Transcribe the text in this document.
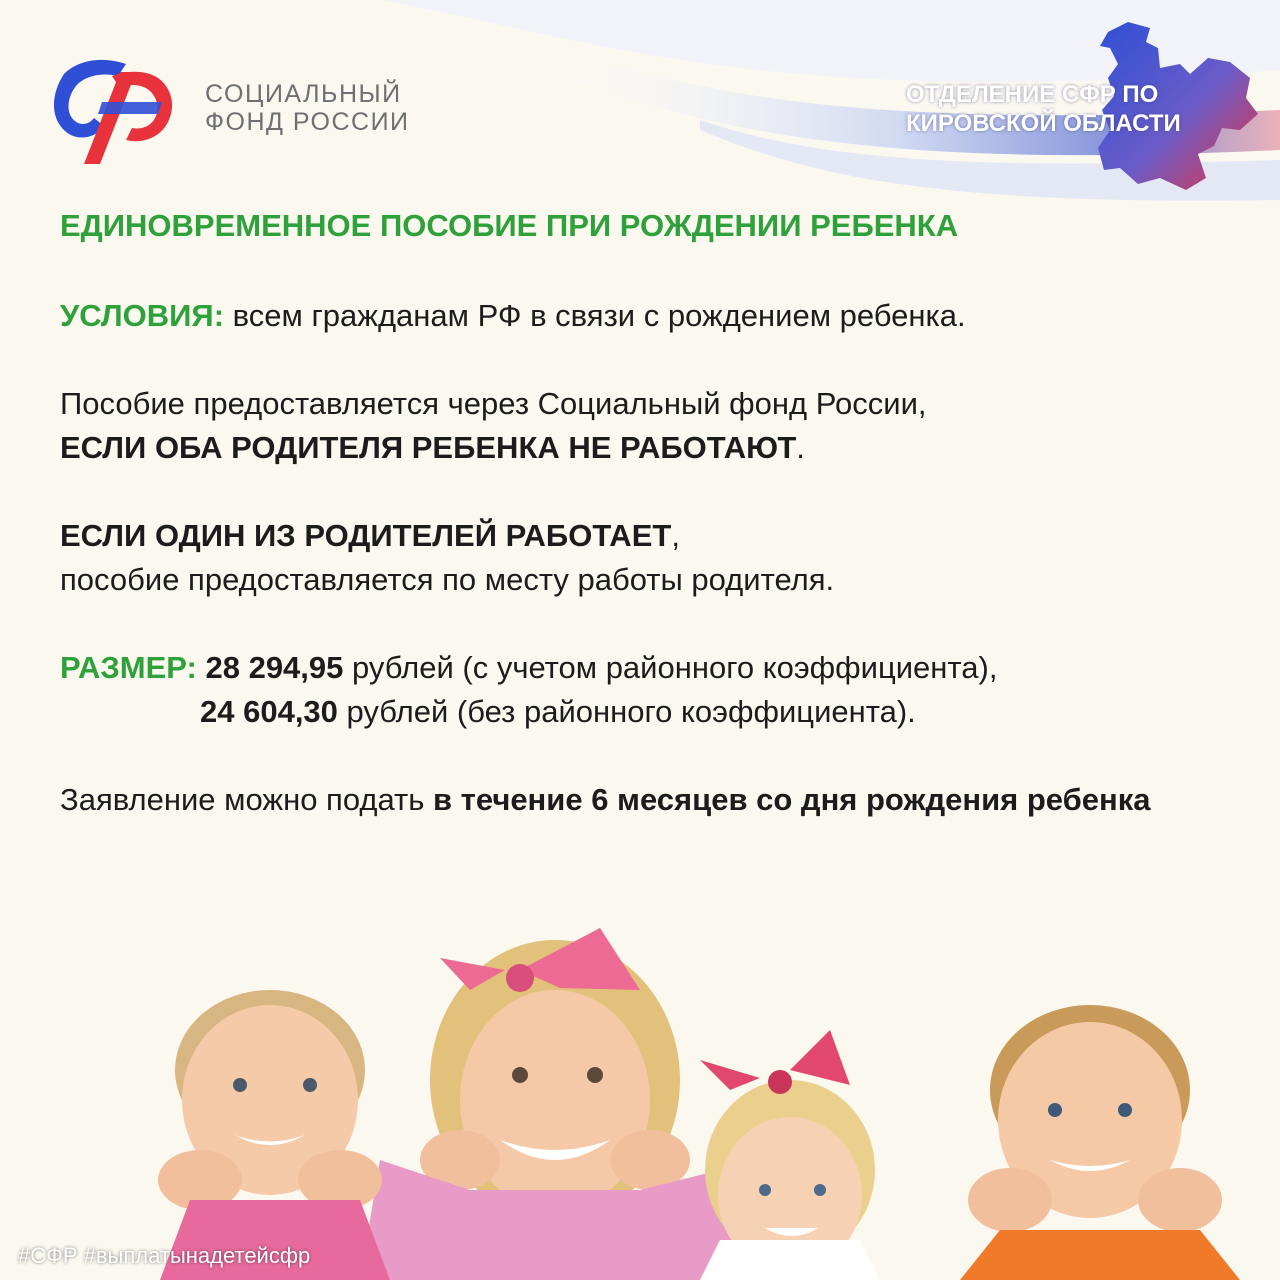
СОЦИАЛЬНЫЙ
ФОНД РОССИИ
ОТДЕЛЕНИЕ СФР ПО
КИРОВСКОЙ ОБЛАСТИ
ЕДИНОВРЕМЕННОЕ ПОСОБИЕ ПРИ РОЖДЕНИИ РЕБЕНКА
УСЛОВИЯ: всем гражданам РФ в связи с рождением ребенка.
Пособие предоставляется через Социальный фонд России,
ЕСЛИ ОБА РОДИТЕЛЯ РЕБЕНКА НЕ РАБОТАЮТ.
ЕСЛИ ОДИН ИЗ РОДИТЕЛЕЙ РАБОТАЕТ,
пособие предоставляется по месту работы родителя.
РАЗМЕР: 28 294,95 рублей (с учетом районного коэффициента),
24 604,30 рублей (без районного коэффициента).
Заявление можно подать в течение 6 месяцев со дня рождения ребенка
#СФР #выплатынадетейсфр
